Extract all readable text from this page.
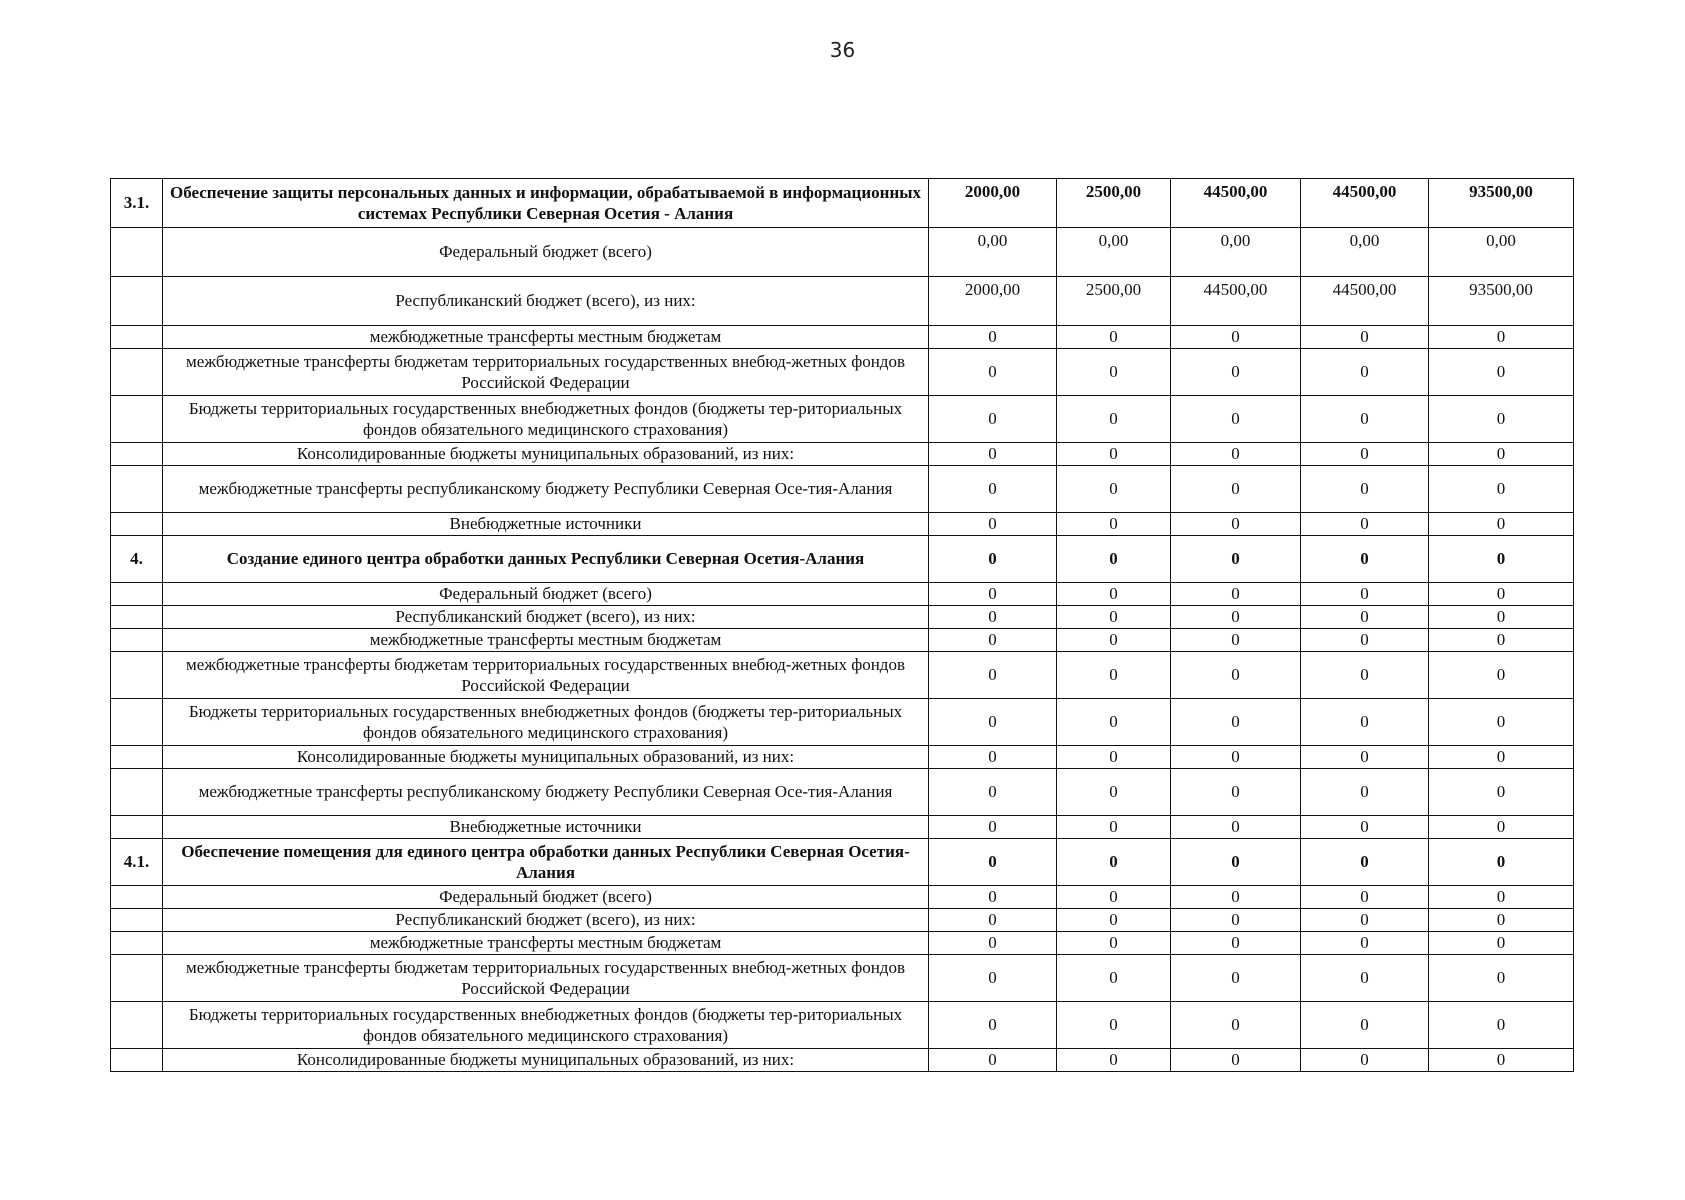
36
3.1.	Обеспечение защиты персональных данных и информации, обрабатываемой в информационных системах Республики Северная Осетия - Алания	2000,00	2500,00	44500,00	44500,00	93500,00
	Федеральный бюджет (всего)	0,00	0,00	0,00	0,00	0,00
	Республиканский бюджет (всего), из них:	2000,00	2500,00	44500,00	44500,00	93500,00
	межбюджетные трансферты местным бюджетам	0	0	0	0	0
	межбюджетные трансферты бюджетам территориальных государственных внебюд-жетных фондов Российской Федерации	0	0	0	0	0
	Бюджеты территориальных государственных внебюджетных фондов (бюджеты тер-риториальных фондов обязательного медицинского страхования)	0	0	0	0	0
	Консолидированные бюджеты муниципальных образований, из них:	0	0	0	0	0
	межбюджетные трансферты республиканскому бюджету Республики Северная Осе-тия-Алания	0	0	0	0	0
	Внебюджетные источники	0	0	0	0	0
4.	Создание единого центра обработки данных Республики Северная Осетия-Алания	0	0	0	0	0
	Федеральный бюджет (всего)	0	0	0	0	0
	Республиканский бюджет (всего), из них:	0	0	0	0	0
	межбюджетные трансферты местным бюджетам	0	0	0	0	0
	межбюджетные трансферты бюджетам территориальных государственных внебюд-жетных фондов Российской Федерации	0	0	0	0	0
	Бюджеты территориальных государственных внебюджетных фондов (бюджеты тер-риториальных фондов обязательного медицинского страхования)	0	0	0	0	0
	Консолидированные бюджеты муниципальных образований, из них:	0	0	0	0	0
	межбюджетные трансферты республиканскому бюджету Республики Северная Осе-тия-Алания	0	0	0	0	0
	Внебюджетные источники	0	0	0	0	0
4.1.	Обеспечение помещения для единого центра обработки данных Республики Северная Осетия-Алания	0	0	0	0	0
	Федеральный бюджет (всего)	0	0	0	0	0
	Республиканский бюджет (всего), из них:	0	0	0	0	0
	межбюджетные трансферты местным бюджетам	0	0	0	0	0
	межбюджетные трансферты бюджетам территориальных государственных внебюд-жетных фондов Российской Федерации	0	0	0	0	0
	Бюджеты территориальных государственных внебюджетных фондов (бюджеты тер-риториальных фондов обязательного медицинского страхования)	0	0	0	0	0
	Консолидированные бюджеты муниципальных образований, из них:	0	0	0	0	0
